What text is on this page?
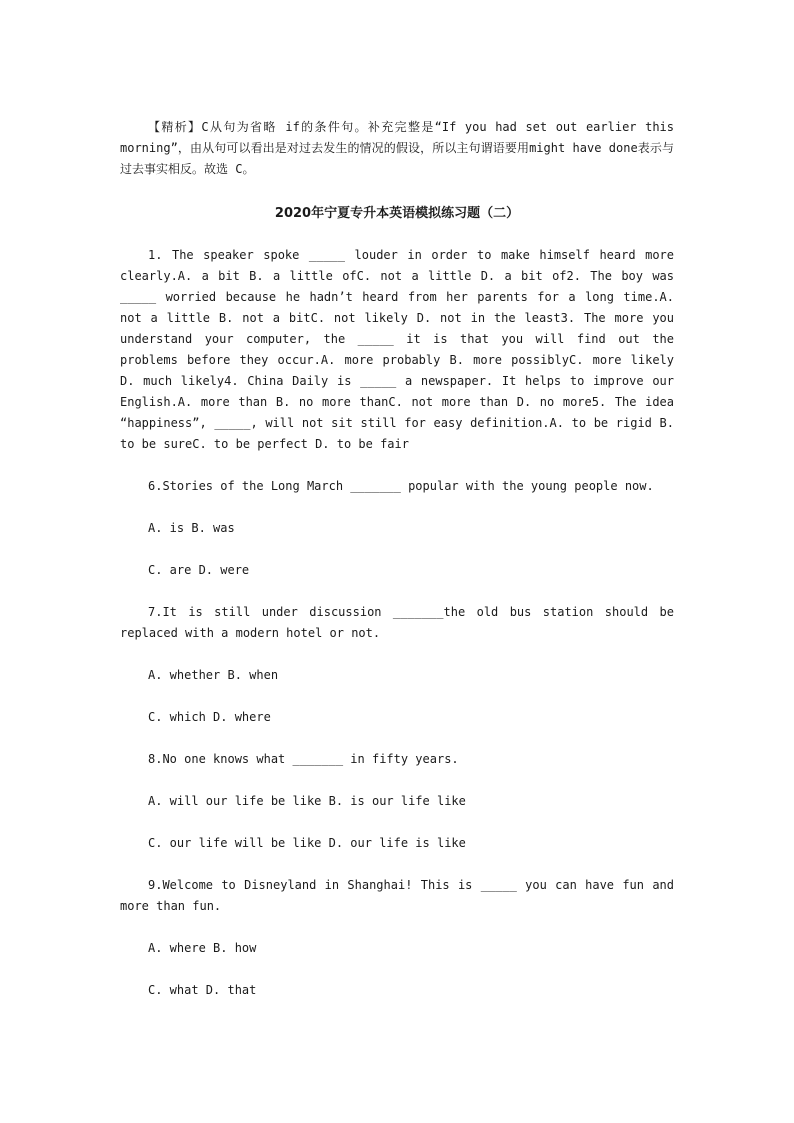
【精析】C从句为省略 if的条件句。补充完整是“If you had set out earlier this morning”，由从句可以看出是对过去发生的情况的假设，所以主句谓语要用might have done表示与过去事实相反。故选 C。

2020年宁夏专升本英语模拟练习题（二）

1. The speaker spoke _____ louder in order to make himself heard more clearly.A. a bit B. a little ofC. not a little D. a bit of2. The boy was _____ worried because he hadn’t heard from her parents for a long time.A. not a little B. not a bitC. not likely D. not in the least3. The more you understand your computer, the _____ it is that you will find out the problems before they occur.A. more probably B. more possiblyC. more likely D. much likely4. China Daily is _____ a newspaper. It helps to improve our English.A. more than B. no more thanC. not more than D. no more5. The idea “happiness”, _____, will not sit still for easy definition.A. to be rigid B. to be sureC. to be perfect D. to be fair

6.Stories of the Long March _______ popular with the young people now.

A. is B. was

C. are D. were

7.It is still under discussion _______the old bus station should be replaced with a modern hotel or not.

A. whether B. when

C. which D. where

8.No one knows what _______ in fifty years.

A. will our life be like B. is our life like

C. our life will be like D. our life is like

9.Welcome to Disneyland in Shanghai! This is _____ you can have fun and more than fun.

A. where B. how

C. what D. that
